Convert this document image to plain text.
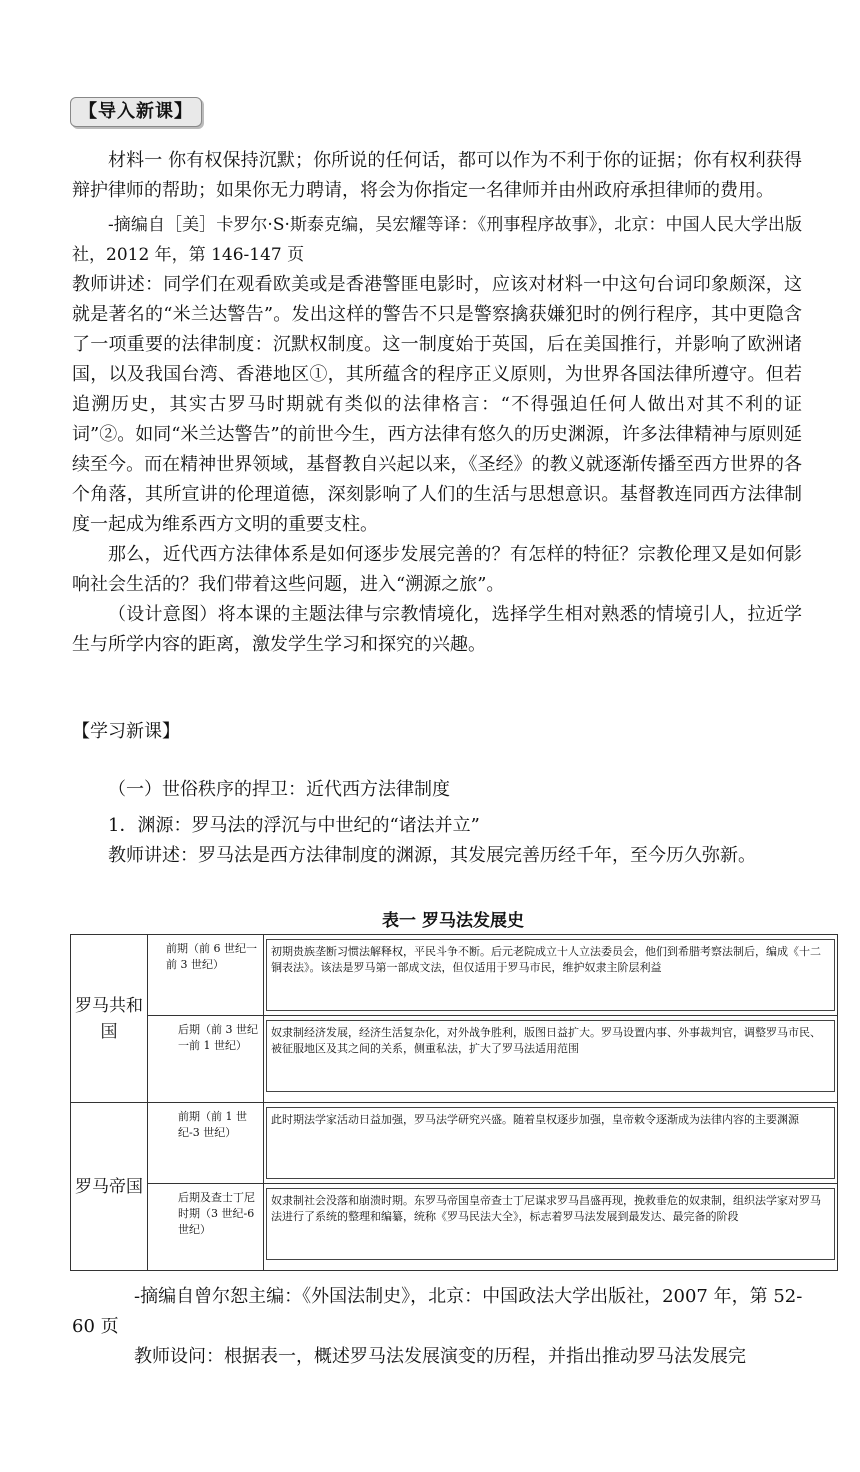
【导入新课】

材料一 你有权保持沉默；你所说的任何话，都可以作为不利于你的证据；你有权利获得辩护律师的帮助；如果你无力聘请，将会为你指定一名律师并由州政府承担律师的费用。

-摘编自［美］卡罗尔·S·斯泰克编，吴宏耀等译：《刑事程序故事》，北京：中国人民大学出版社，2012 年，第 146-147 页

教师讲述：同学们在观看欧美或是香港警匪电影时，应该对材料一中这句台词印象颇深，这就是著名的“米兰达警告”。发出这样的警告不只是警察擒获嫌犯时的例行程序，其中更隐含了一项重要的法律制度：沉默权制度。这一制度始于英国，后在美国推行，并影响了欧洲诸国，以及我国台湾、香港地区①，其所蕴含的程序正义原则，为世界各国法律所遵守。但若追溯历史，其实古罗马时期就有类似的法律格言：“不得强迫任何人做出对其不利的证词”②。如同“米兰达警告”的前世今生，西方法律有悠久的历史渊源，许多法律精神与原则延续至今。而在精神世界领域，基督教自兴起以来，《圣经》的教义就逐渐传播至西方世界的各个角落，其所宣讲的伦理道德，深刻影响了人们的生活与思想意识。基督教连同西方法律制度一起成为维系西方文明的重要支柱。

那么，近代西方法律体系是如何逐步发展完善的？有怎样的特征？宗教伦理又是如何影响社会生活的？我们带着这些问题，进入“溯源之旅”。

（设计意图）将本课的主题法律与宗教情境化，选择学生相对熟悉的情境引人，拉近学生与所学内容的距离，激发学生学习和探究的兴趣。

【学习新课】

（一）世俗秩序的捍卫：近代西方法律制度

1．渊源：罗马法的浮沉与中世纪的“诸法并立”

教师讲述：罗马法是西方法律制度的渊源，其发展完善历经千年，至今历久弥新。

表一 罗马法发展史
罗马共和国	前期（前 6 世纪一前 3 世纪）	初期贵族垄断习惯法解释权，平民斗争不断。后元老院成立十人立法委员会，他们到希腊考察法制后，编成《十二铜表法》。该法是罗马第一部成文法，但仅适用于罗马市民，维护奴隶主阶层利益

	后期（前 3 世纪一前 1 世纪）	奴隶制经济发展，经济生活复杂化，对外战争胜利，版图日益扩大。罗马设置内事、外事裁判官，调整罗马市民、被征服地区及其之间的关系，侧重私法，扩大了罗马法适用范围

罗马帝国	前期（前 1 世纪-3 世纪）	此时期法学家活动日益加强，罗马法学研究兴盛。随着皇权逐步加强，皇帝敕令逐渐成为法律内容的主要渊源

	后期及查士丁尼时期（3 世纪-6 世纪）	奴隶制社会没落和崩溃时期。东罗马帝国皇帝查士丁尼谋求罗马昌盛再现，挽救垂危的奴隶制，组织法学家对罗马法进行了系统的整理和编纂，统称《罗马民法大全》，标志着罗马法发展到最发达、最完备的阶段

-摘编自曾尔恕主编：《外国法制史》，北京：中国政法大学出版社，2007 年，第 52-60 页

教师设问：根据表一，概述罗马法发展演变的历程，并指出推动罗马法发展完
